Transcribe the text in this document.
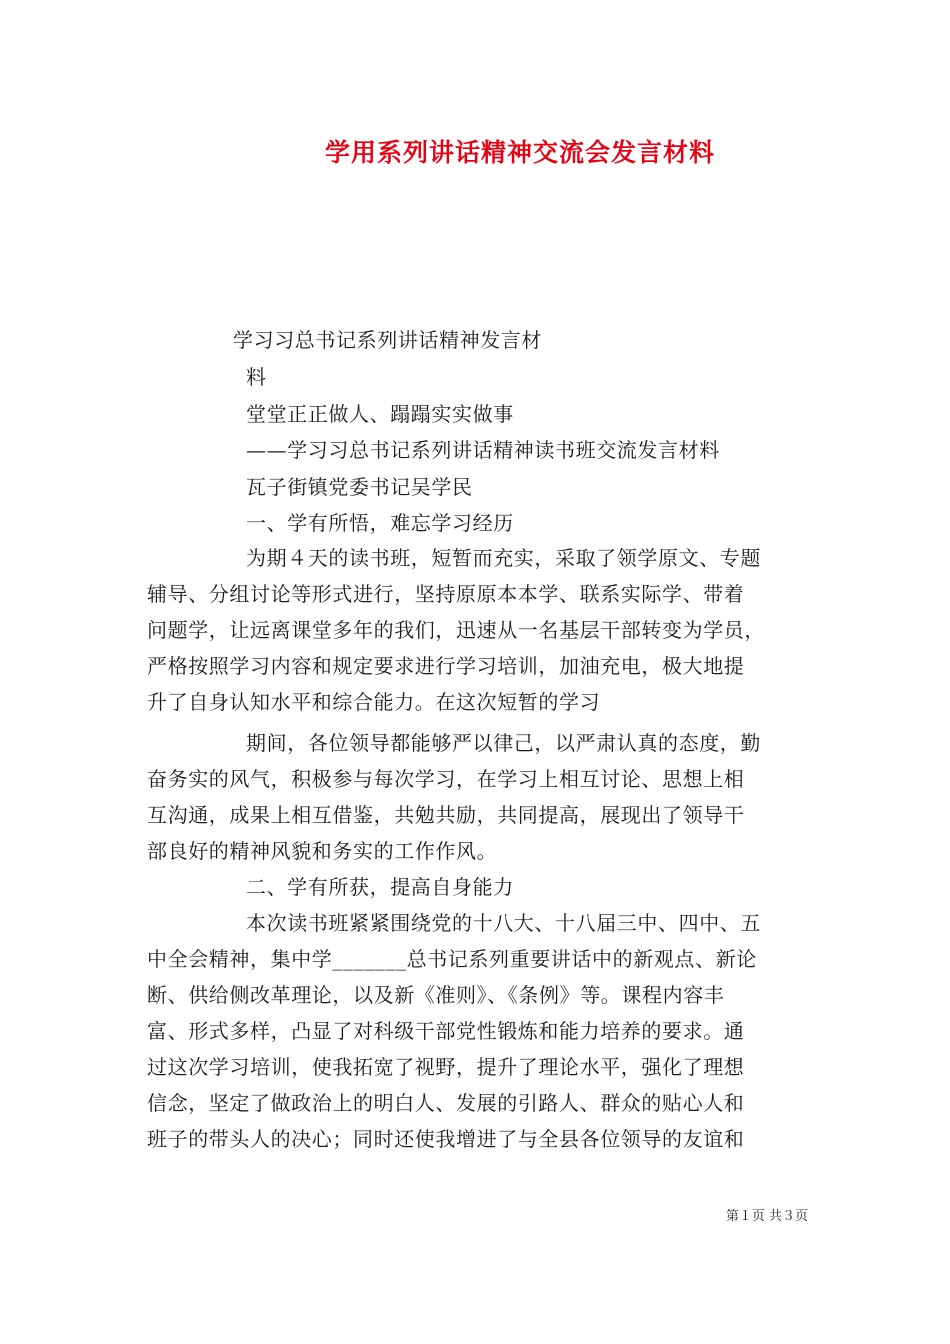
学用系列讲话精神交流会发言材料
学习习总书记系列讲话精神发言材
料
堂堂正正做人、蹋蹋实实做事
——学习习总书记系列讲话精神读书班交流发言材料
瓦子街镇党委书记吴学民
一、学有所悟，难忘学习经历
为期４天的读书班，短暂而充实，采取了领学原文、专题
辅导、分组讨论等形式进行，坚持原原本本学、联系实际学、带着
问题学，让远离课堂多年的我们，迅速从一名基层干部转变为学员，
严格按照学习内容和规定要求进行学习培训，加油充电，极大地提
升了自身认知水平和综合能力。在这次短暂的学习
期间，各位领导都能够严以律己，以严肃认真的态度，勤
奋务实的风气，积极参与每次学习，在学习上相互讨论、思想上相
互沟通，成果上相互借鉴，共勉共励，共同提高，展现出了领导干
部良好的精神风貌和务实的工作作风。
二、学有所获，提高自身能力
本次读书班紧紧围绕党的十八大、十八届三中、四中、五
中全会精神，集中学_______总书记系列重要讲话中的新观点、新论
断、供给侧改革理论，以及新《准则》、《条例》等。课程内容丰
富、形式多样，凸显了对科级干部党性锻炼和能力培养的要求。通
过这次学习培训，使我拓宽了视野，提升了理论水平，强化了理想
信念，坚定了做政治上的明白人、发展的引路人、群众的贴心人和
班子的带头人的决心；同时还使我增进了与全县各位领导的友谊和
第１页 共３页
